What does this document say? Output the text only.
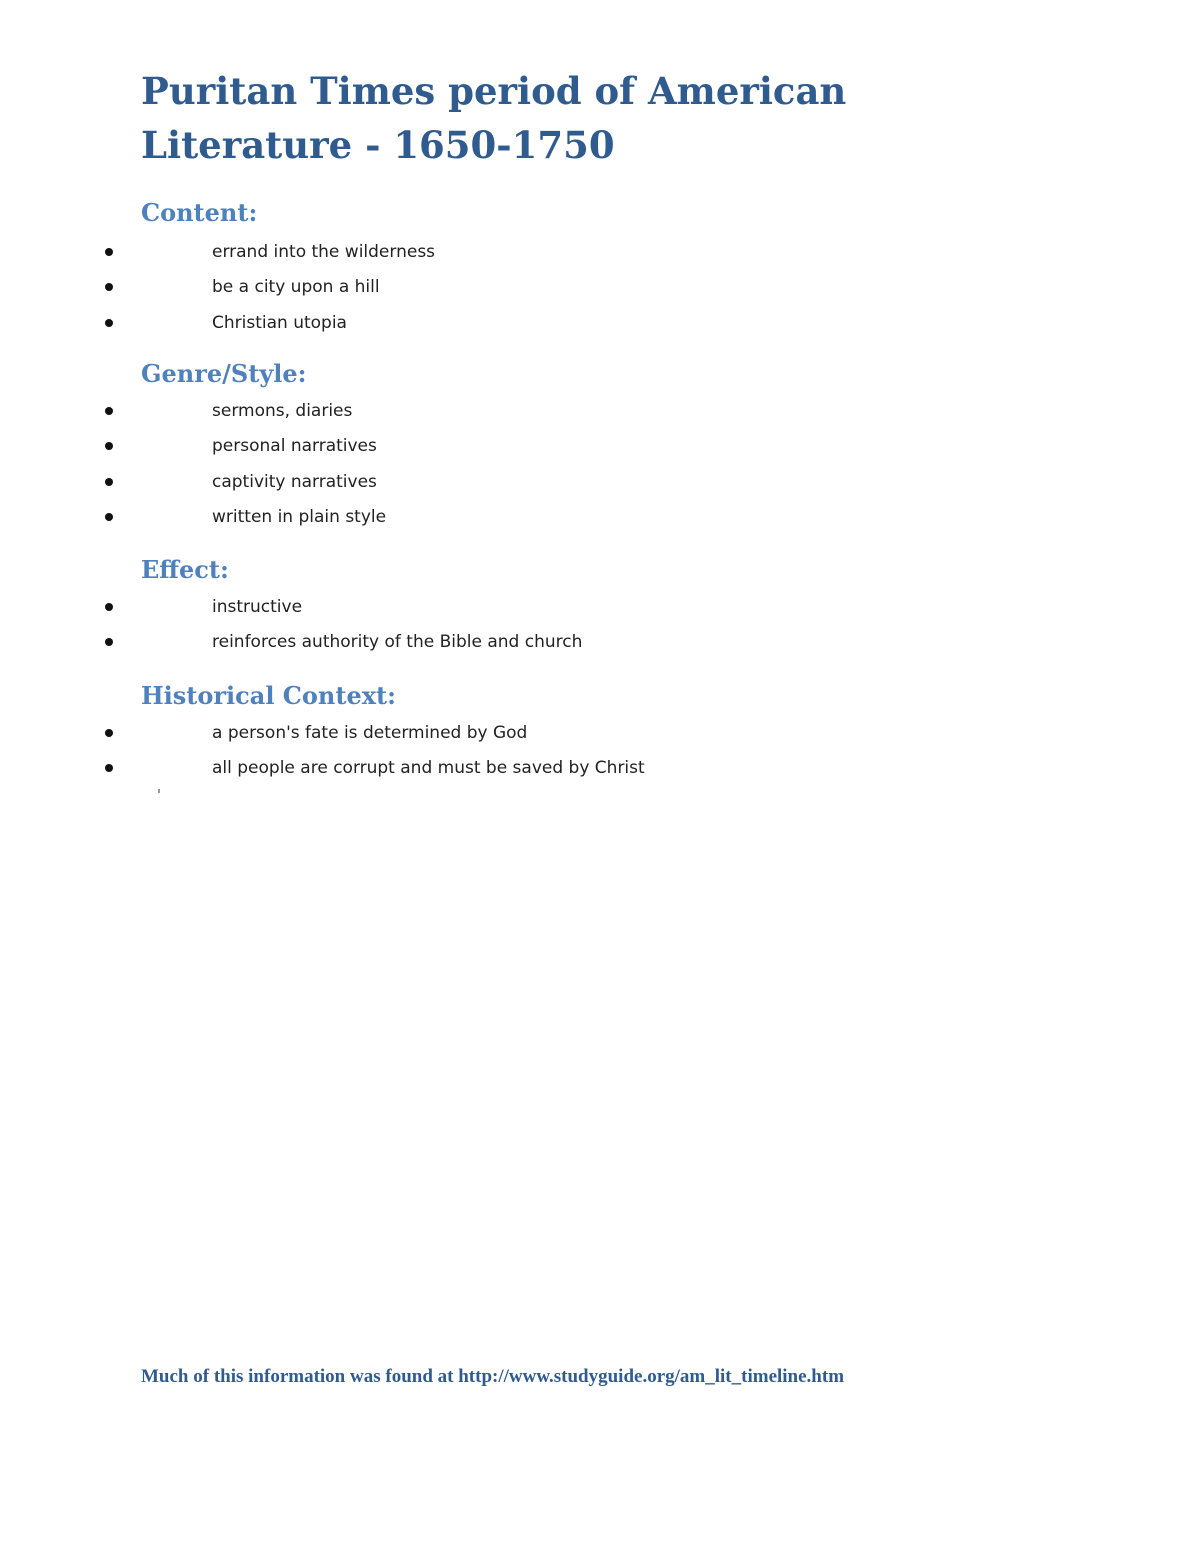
Puritan Times period of American Literature - 1650-1750
Content:
errand into the wilderness
be a city upon a hill
Christian utopia
Genre/Style:
sermons, diaries
personal narratives
captivity narratives
written in plain style
Effect:
instructive
reinforces authority of the Bible and church
Historical Context:
a person's fate is determined by God
all people are corrupt and must be saved by Christ

Much of this information was found at http://www.studyguide.org/am_lit_timeline.htm
